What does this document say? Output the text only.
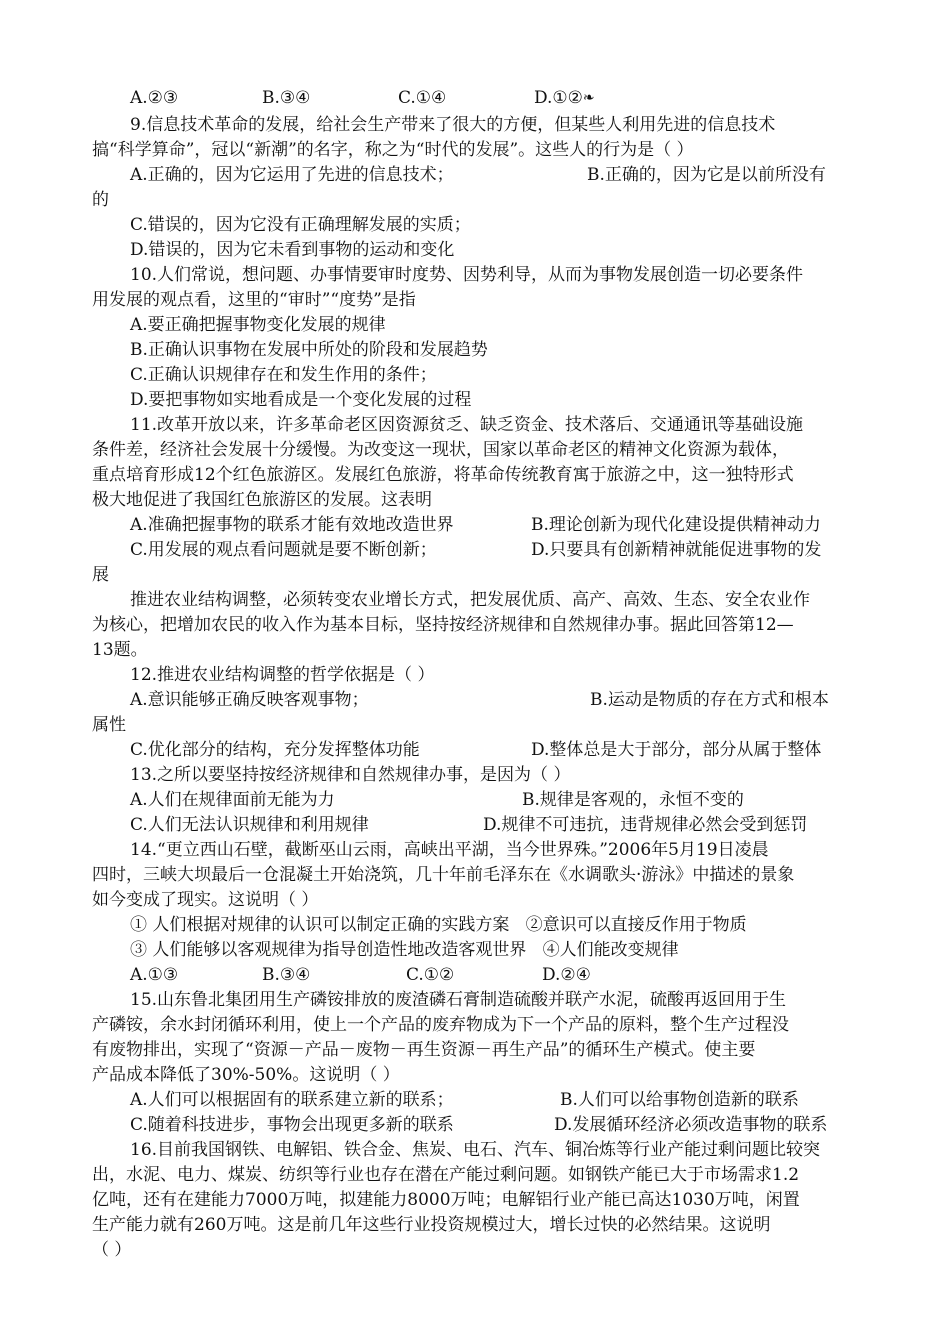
A.②③	B.③④	C.①④	D.①② ❧
9.信息技术革命的发展，给社会生产带来了很大的方便，但某些人利用先进的信息技术
搞“科学算命”，冠以“新潮”的名字，称之为“时代的发展”。这些人的行为是（ ）
A.正确的，因为它运用了先进的信息技术；	B.正确的，因为它是以前所没有
的
C.错误的，因为它没有正确理解发展的实质；
D.错误的，因为它未看到事物的运动和变化
10.人们常说，想问题、办事情要审时度势、因势利导，从而为事物发展创造一切必要条件
用发展的观点看，这里的“审时”“度势”是指
A.要正确把握事物变化发展的规律
B.正确认识事物在发展中所处的阶段和发展趋势
C.正确认识规律存在和发生作用的条件；
D.要把事物如实地看成是一个变化发展的过程
11.改革开放以来，许多革命老区因资源贫乏、缺乏资金、技术落后、交通通讯等基础设施
条件差，经济社会发展十分缓慢。为改变这一现状，国家以革命老区的精神文化资源为载体，
重点培育形成12个红色旅游区。发展红色旅游，将革命传统教育寓于旅游之中，这一独特形式
极大地促进了我国红色旅游区的发展。这表明
A.准确把握事物的联系才能有效地改造世界	B.理论创新为现代化建设提供精神动力
C.用发展的观点看问题就是要不断创新；	D.只要具有创新精神就能促进事物的发
展
推进农业结构调整，必须转变农业增长方式，把发展优质、高产、高效、生态、安全农业作
为核心，把增加农民的收入作为基本目标，坚持按经济规律和自然规律办事。据此回答第12—
13题。
12.推进农业结构调整的哲学依据是（ ）
A.意识能够正确反映客观事物；	B.运动是物质的存在方式和根本
属性
C.优化部分的结构，充分发挥整体功能	D.整体总是大于部分，部分从属于整体
13.之所以要坚持按经济规律和自然规律办事，是因为（ ）
A.人们在规律面前无能为力	B.规律是客观的，永恒不变的
C.人们无法认识规律和利用规律	D.规律不可违抗，违背规律必然会受到惩罚
14.“更立西山石壁，截断巫山云雨，高峡出平湖，当今世界殊。”2006年5月19日凌晨
四时，三峡大坝最后一仓混凝土开始浇筑，几十年前毛泽东在《水调歌头·游泳》中描述的景象
如今变成了现实。这说明（ ）
① 人们根据对规律的认识可以制定正确的实践方案   ②意识可以直接反作用于物质
③ 人们能够以客观规律为指导创造性地改造客观世界   ④人们能改变规律
A.①③	B.③④	C.①②	D.②④
15.山东鲁北集团用生产磷铵排放的废渣磷石膏制造硫酸并联产水泥，硫酸再返回用于生
产磷铵，余水封闭循环利用，使上一个产品的废弃物成为下一个产品的原料，整个生产过程没
有废物排出，实现了“资源－产品－废物－再生资源－再生产品”的循环生产模式。使主要
产品成本降低了30%-50%。这说明（ ）
A.人们可以根据固有的联系建立新的联系；	B.人们可以给事物创造新的联系
C.随着科技进步，事物会出现更多新的联系	D.发展循环经济必须改造事物的联系
16.目前我国钢铁、电解铝、铁合金、焦炭、电石、汽车、铜冶炼等行业产能过剩问题比较突
出，水泥、电力、煤炭、纺织等行业也存在潜在产能过剩问题。如钢铁产能已大于市场需求1.2
亿吨，还有在建能力7000万吨，拟建能力8000万吨；电解铝行业产能已高达1030万吨，闲置
生产能力就有260万吨。这是前几年这些行业投资规模过大，增长过快的必然结果。这说明
（ ）
